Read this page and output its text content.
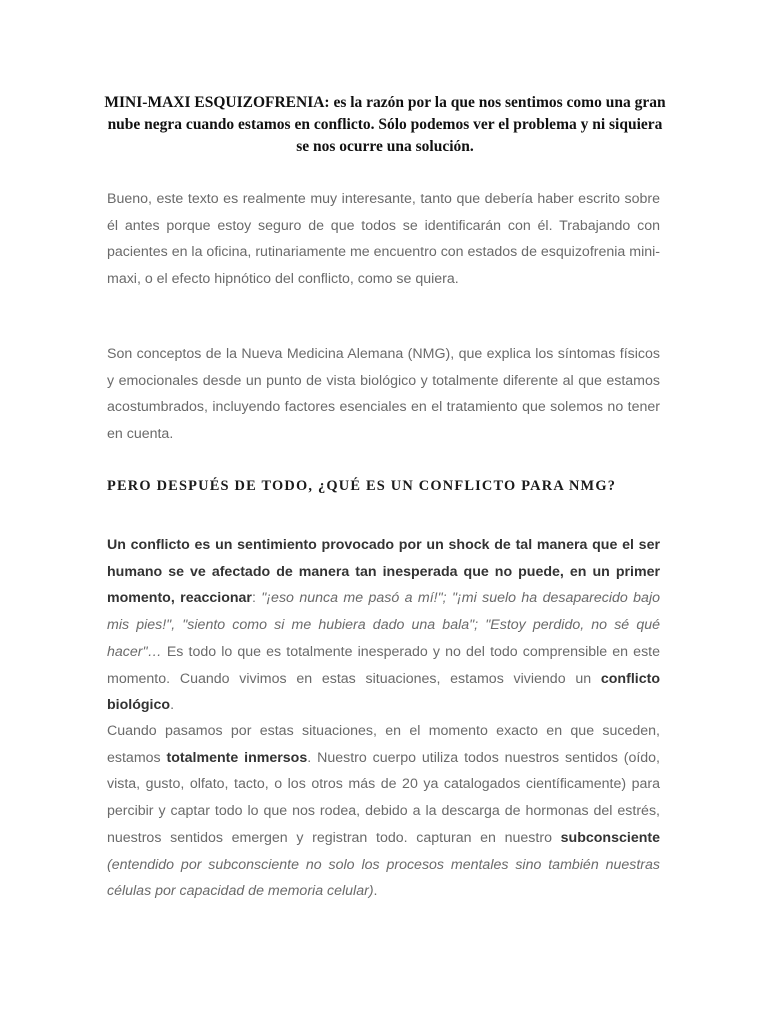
MINI-MAXI ESQUIZOFRENIA: es la razón por la que nos sentimos como una gran nube negra cuando estamos en conflicto. Sólo podemos ver el problema y ni siquiera se nos ocurre una solución.

Bueno, este texto es realmente muy interesante, tanto que debería haber escrito sobre él antes porque estoy seguro de que todos se identificarán con él. Trabajando con pacientes en la oficina, rutinariamente me encuentro con estados de esquizofrenia mini-maxi, o el efecto hipnótico del conflicto, como se quiera.

Son conceptos de la Nueva Medicina Alemana (NMG), que explica los síntomas físicos y emocionales desde un punto de vista biológico y totalmente diferente al que estamos acostumbrados, incluyendo factores esenciales en el tratamiento que solemos no tener en cuenta.

PERO DESPUÉS DE TODO, ¿QUÉ ES UN CONFLICTO PARA NMG?

Un conflicto es un sentimiento provocado por un shock de tal manera que el ser humano se ve afectado de manera tan inesperada que no puede, en un primer momento, reaccionar: "¡eso nunca me pasó a mí!"; "¡mi suelo ha desaparecido bajo mis pies!", "siento como si me hubiera dado una bala"; "Estoy perdido, no sé qué hacer"… Es todo lo que es totalmente inesperado y no del todo comprensible en este momento. Cuando vivimos en estas situaciones, estamos viviendo un conflicto biológico.

Cuando pasamos por estas situaciones, en el momento exacto en que suceden, estamos totalmente inmersos. Nuestro cuerpo utiliza todos nuestros sentidos (oído, vista, gusto, olfato, tacto, o los otros más de 20 ya catalogados científicamente) para percibir y captar todo lo que nos rodea, debido a la descarga de hormonas del estrés, nuestros sentidos emergen y registran todo. capturan en nuestro subconsciente (entendido por subconsciente no solo los procesos mentales sino también nuestras células por capacidad de memoria celular).
